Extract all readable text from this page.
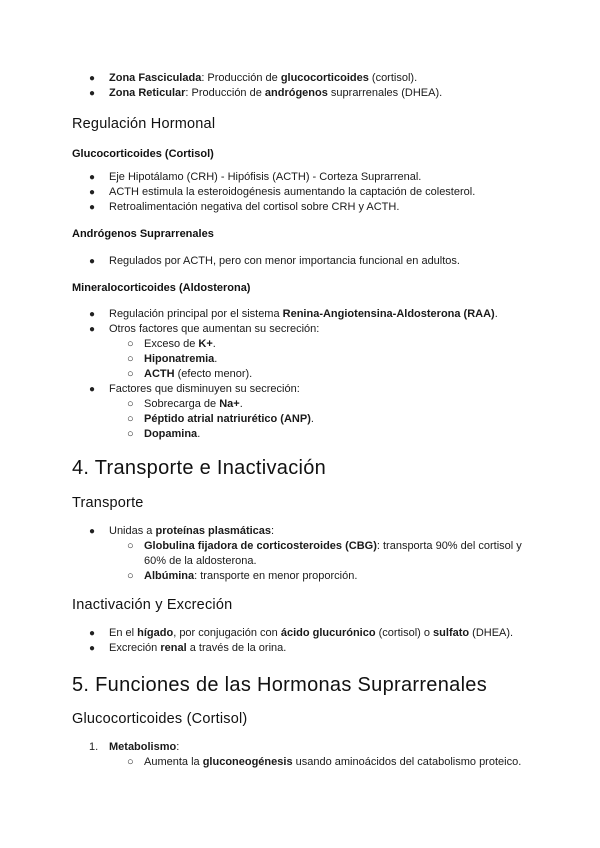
● Zona Fasciculada: Producción de glucocorticoides (cortisol).
● Zona Reticular: Producción de andrógenos suprarrenales (DHEA).
Regulación Hormonal
Glucocorticoides (Cortisol)
● Eje Hipotálamo (CRH) - Hipófisis (ACTH) - Corteza Suprarrenal.
● ACTH estimula la esteroidogénesis aumentando la captación de colesterol.
● Retroalimentación negativa del cortisol sobre CRH y ACTH.
Andrógenos Suprarrenales
● Regulados por ACTH, pero con menor importancia funcional en adultos.
Mineralocorticoides (Aldosterona)
● Regulación principal por el sistema Renina-Angiotensina-Aldosterona (RAA).
● Otros factores que aumentan su secreción:
○ Exceso de K+.
○ Hiponatremia.
○ ACTH (efecto menor).
● Factores que disminuyen su secreción:
○ Sobrecarga de Na+.
○ Péptido atrial natriurético (ANP).
○ Dopamina.
4. Transporte e Inactivación
Transporte
● Unidas a proteínas plasmáticas:
○ Globulina fijadora de corticosteroides (CBG): transporta 90% del cortisol y
60% de la aldosterona.
○ Albúmina: transporte en menor proporción.
Inactivación y Excreción
● En el hígado, por conjugación con ácido glucurónico (cortisol) o sulfato (DHEA).
● Excreción renal a través de la orina.
5. Funciones de las Hormonas Suprarrenales
Glucocorticoides (Cortisol)
1. Metabolismo:
○ Aumenta la gluconeogénesis usando aminoácidos del catabolismo proteico.
